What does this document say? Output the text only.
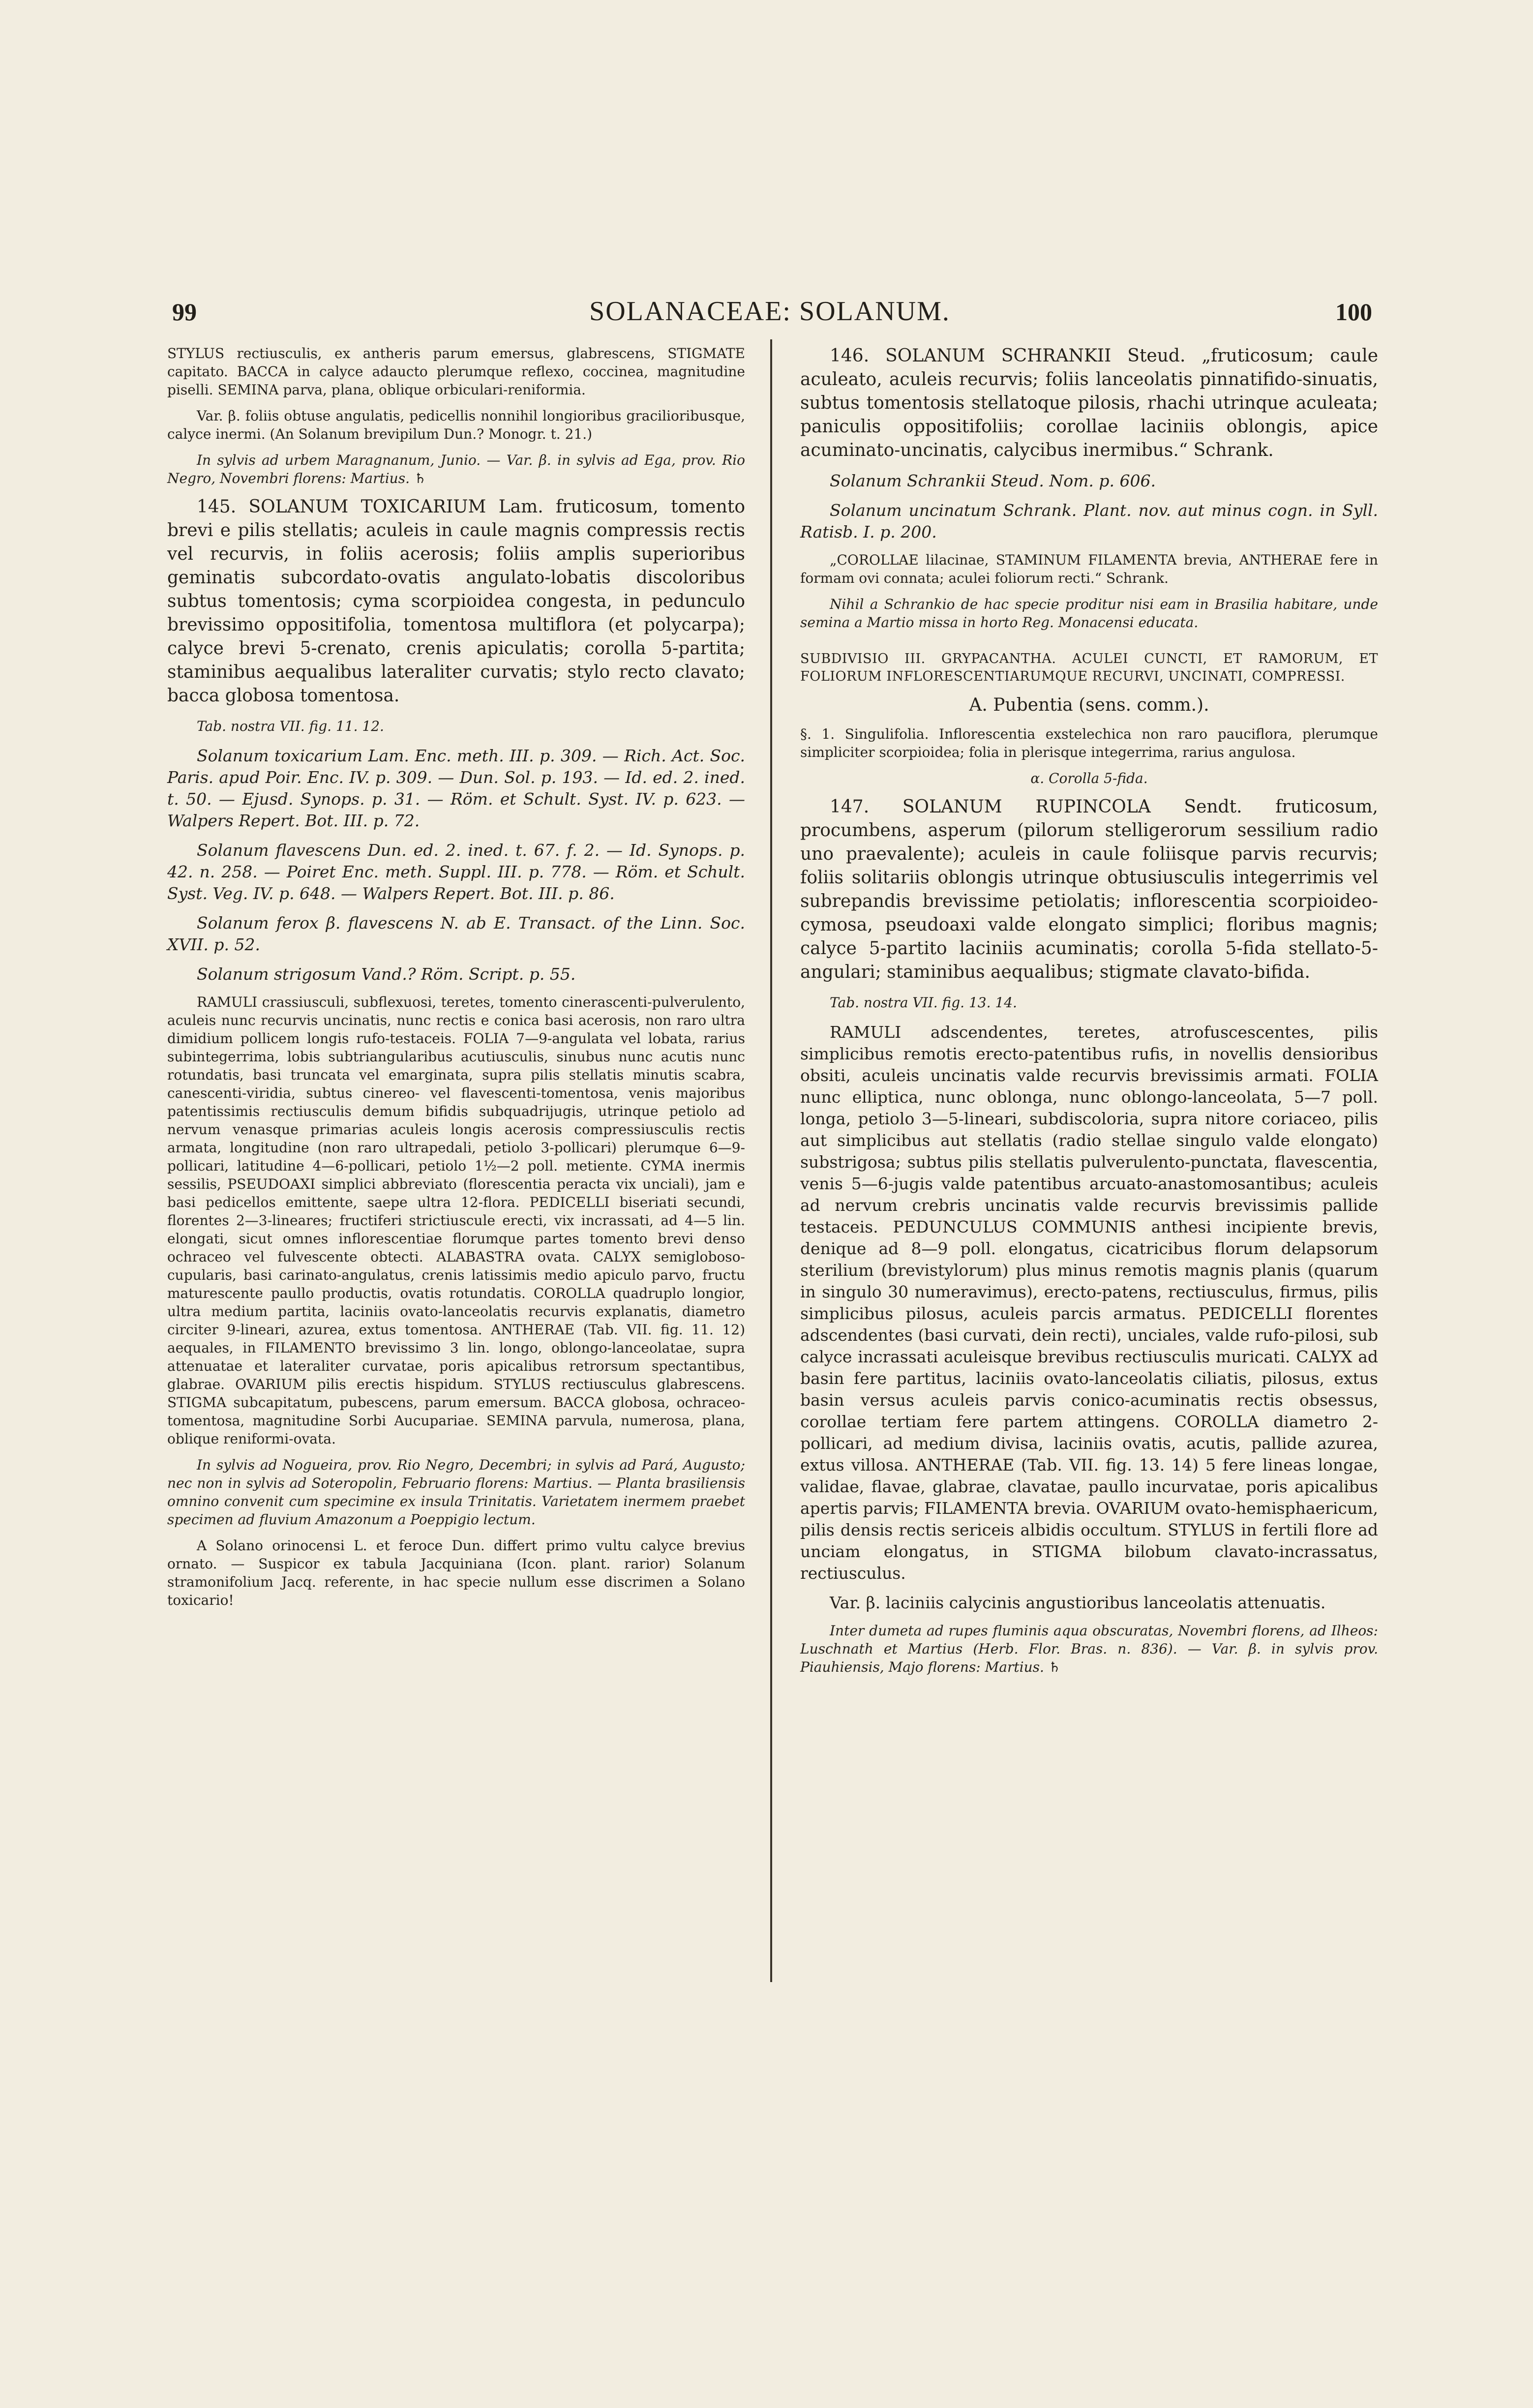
99	SOLANACEAE: SOLANUM.	100

STYLUS rectiusculis, ex antheris parum emersus, glabrescens, STIGMATE capitato. BACCA in calyce adaucto plerumque reflexo, coccinea, magnitudine piselli. SEMINA parva, plana, oblique orbiculari-reniformia.

Var. β. foliis obtuse angulatis, pedicellis nonnihil longioribus gracilioribusque, calyce inermi. (An Solanum brevipilum Dun.? Monogr. t. 21.)

In sylvis ad urbem Maragnanum, Junio. — Var. β. in sylvis ad Ega, prov. Rio Negro, Novembri florens: Martius. ♄

145. SOLANUM TOXICARIUM Lam. fruticosum, tomento brevi e pilis stellatis; aculeis in caule magnis compressis rectis vel recurvis, in foliis acerosis; foliis amplis superioribus geminatis subcordato-ovatis angulato-lobatis discoloribus subtus tomentosis; cyma scorpioidea congesta, in pedunculo brevissimo oppositifolia, tomentosa multiflora (et polycarpa); calyce brevi 5-crenato, crenis apiculatis; corolla 5-partita; staminibus aequalibus lateraliter curvatis; stylo recto clavato; bacca globosa tomentosa.

Tab. nostra VII. fig. 11. 12.

Solanum toxicarium Lam. Enc. meth. III. p. 309. — Rich. Act. Soc. Paris. apud Poir. Enc. IV. p. 309. — Dun. Sol. p. 193. — Id. ed. 2. ined. t. 50. — Ejusd. Synops. p. 31. — Röm. et Schult. Syst. IV. p. 623. — Walpers Repert. Bot. III. p. 72.

Solanum flavescens Dun. ed. 2. ined. t. 67. f. 2. — Id. Synops. p. 42. n. 258. — Poiret Enc. meth. Suppl. III. p. 778. — Röm. et Schult. Syst. Veg. IV. p. 648. — Walpers Repert. Bot. III. p. 86.

Solanum ferox β. flavescens N. ab E. Transact. of the Linn. Soc. XVII. p. 52.

Solanum strigosum Vand.? Röm. Script. p. 55.

RAMULI crassiusculi, subflexuosi, teretes, tomento cinerascenti-pulverulento, aculeis nunc recurvis uncinatis, nunc rectis e conica basi acerosis, non raro ultra dimidium pollicem longis rufo-testaceis. FOLIA 7—9-angulata vel lobata, rarius subintegerrima, lobis subtriangularibus acutiusculis, sinubus nunc acutis nunc rotundatis, basi truncata vel emarginata, supra pilis stellatis minutis scabra, canescenti-viridia, subtus cinereo- vel flavescenti-tomentosa, venis majoribus patentissimis rectiusculis demum bifidis subquadrijugis, utrinque petiolo ad nervum venasque primarias aculeis longis acerosis compressiusculis rectis armata, longitudine (non raro ultrapedali, petiolo 3-pollicari) plerumque 6—9-pollicari, latitudine 4—6-pollicari, petiolo 1½—2 poll. metiente. CYMA inermis sessilis, PSEUDOAXI simplici abbreviato (florescentia peracta vix unciali), jam e basi pedicellos emittente, saepe ultra 12-flora. PEDICELLI biseriati secundi, florentes 2—3-lineares; fructiferi strictiuscule erecti, vix incrassati, ad 4—5 lin. elongati, sicut omnes inflorescentiae florumque partes tomento brevi denso ochraceo vel fulvescente obtecti. ALABASTRA ovata. CALYX semigloboso-cupularis, basi carinato-angulatus, crenis latissimis medio apiculo parvo, fructu maturescente paullo productis, ovatis rotundatis. COROLLA quadruplo longior, ultra medium partita, laciniis ovato-lanceolatis recurvis explanatis, diametro circiter 9-lineari, azurea, extus tomentosa. ANTHERAE (Tab. VII. fig. 11. 12) aequales, in FILAMENTO brevissimo 3 lin. longo, oblongo-lanceolatae, supra attenuatae et lateraliter curvatae, poris apicalibus retrorsum spectantibus, glabrae. OVARIUM pilis erectis hispidum. STYLUS rectiusculus glabrescens. STIGMA subcapitatum, pubescens, parum emersum. BACCA globosa, ochraceo-tomentosa, magnitudine Sorbi Aucupariae. SEMINA parvula, numerosa, plana, oblique reniformi-ovata.

In sylvis ad Nogueira, prov. Rio Negro, Decembri; in sylvis ad Pará, Augusto; nec non in sylvis ad Soteropolin, Februario florens: Martius. — Planta brasiliensis omnino convenit cum specimine ex insula Trinitatis. Varietatem inermem praebet specimen ad fluvium Amazonum a Poeppigio lectum.

A Solano orinocensi L. et feroce Dun. differt primo vultu calyce brevius ornato. — Suspicor ex tabula Jacquiniana (Icon. plant. rarior) Solanum stramonifolium Jacq. referente, in hac specie nullum esse discrimen a Solano toxicario!

146. SOLANUM SCHRANKII Steud. „fruticosum; caule aculeato, aculeis recurvis; foliis lanceolatis pinnatifido-sinuatis, subtus tomentosis stellatoque pilosis, rhachi utrinque aculeata; paniculis oppositifoliis; corollae laciniis oblongis, apice acuminato-uncinatis, calycibus inermibus.“ Schrank.

Solanum Schrankii Steud. Nom. p. 606.

Solanum uncinatum Schrank. Plant. nov. aut minus cogn. in Syll. Ratisb. I. p. 200.

„COROLLAE lilacinae, STAMINUM FILAMENTA brevia, ANTHERAE fere in formam ovi connata; aculei foliorum recti.“ Schrank.

Nihil a Schrankio de hac specie proditur nisi eam in Brasilia habitare, unde semina a Martio missa in horto Reg. Monacensi educata.

SUBDIVISIO III. GRYPACANTHA. ACULEI CUNCTI, ET RAMORUM, ET FOLIORUM INFLORESCENTIARUMQUE RECURVI, UNCINATI, COMPRESSI.

A. Pubentia (sens. comm.).

§. 1. Singulifolia. Inflorescentia exstelechica non raro pauciflora, plerumque simpliciter scorpioidea; folia in plerisque integerrima, rarius angulosa.

α. Corolla 5-fida.

147. SOLANUM RUPINCOLA Sendt. fruticosum, procumbens, asperum (pilorum stelligerorum sessilium radio uno praevalente); aculeis in caule foliisque parvis recurvis; foliis solitariis oblongis utrinque obtusiusculis integerrimis vel subrepandis brevissime petiolatis; inflorescentia scorpioideo-cymosa, pseudoaxi valde elongato simplici; floribus magnis; calyce 5-partito laciniis acuminatis; corolla 5-fida stellato-5-angulari; staminibus aequalibus; stigmate clavato-bifida.

Tab. nostra VII. fig. 13. 14.

RAMULI adscendentes, teretes, atrofuscescentes, pilis simplicibus remotis erecto-patentibus rufis, in novellis densioribus obsiti, aculeis uncinatis valde recurvis brevissimis armati. FOLIA nunc elliptica, nunc oblonga, nunc oblongo-lanceolata, 5—7 poll. longa, petiolo 3—5-lineari, subdiscoloria, supra nitore coriaceo, pilis aut simplicibus aut stellatis (radio stellae singulo valde elongato) substrigosa; subtus pilis stellatis pulverulento-punctata, flavescentia, venis 5—6-jugis valde patentibus arcuato-anastomosantibus; aculeis ad nervum crebris uncinatis valde recurvis brevissimis pallide testaceis. PEDUNCULUS COMMUNIS anthesi incipiente brevis, denique ad 8—9 poll. elongatus, cicatricibus florum delapsorum sterilium (brevistylorum) plus minus remotis magnis planis (quarum in singulo 30 numeravimus), erecto-patens, rectiusculus, firmus, pilis simplicibus pilosus, aculeis parcis armatus. PEDICELLI florentes adscendentes (basi curvati, dein recti), unciales, valde rufo-pilosi, sub calyce incrassati aculeisque brevibus rectiusculis muricati. CALYX ad basin fere partitus, laciniis ovato-lanceolatis ciliatis, pilosus, extus basin versus aculeis parvis conico-acuminatis rectis obsessus, corollae tertiam fere partem attingens. COROLLA diametro 2-pollicari, ad medium divisa, laciniis ovatis, acutis, pallide azurea, extus villosa. ANTHERAE (Tab. VII. fig. 13. 14) 5 fere lineas longae, validae, flavae, glabrae, clavatae, paullo incurvatae, poris apicalibus apertis parvis; FILAMENTA brevia. OVARIUM ovato-hemisphaericum, pilis densis rectis sericeis albidis occultum. STYLUS in fertili flore ad unciam elongatus, in STIGMA bilobum clavato-incrassatus, rectiusculus.

Var. β. laciniis calycinis angustioribus lanceolatis attenuatis.

Inter dumeta ad rupes fluminis aqua obscuratas, Novembri florens, ad Ilheos: Luschnath et Martius (Herb. Flor. Bras. n. 836). — Var. β. in sylvis prov. Piauhiensis, Majo florens: Martius. ♄
